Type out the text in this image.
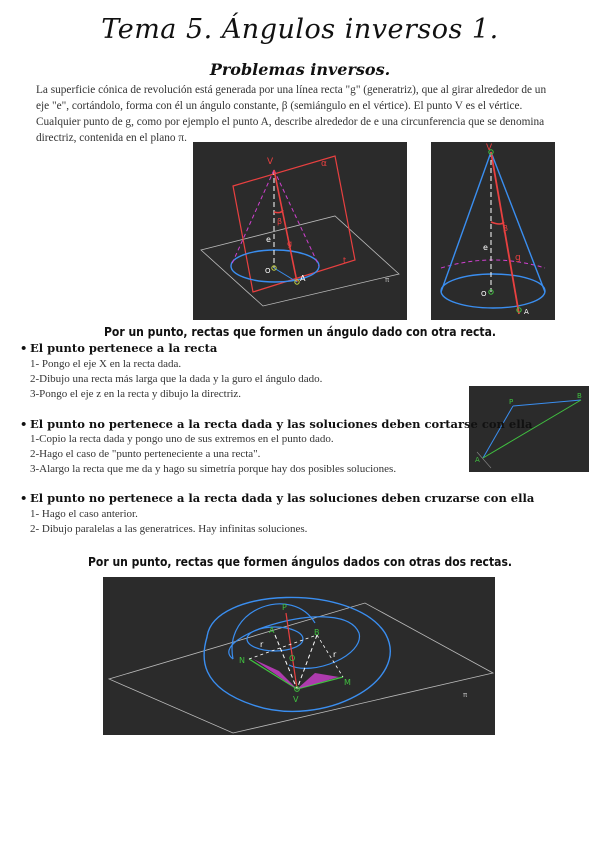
Tema 5. Ángulos inversos 1.
Problemas inversos.
La superficie cónica de revolución está generada por una línea recta "g" (generatriz), que al girar alrededor de un
eje "e", cortándolo, forma con él un ángulo constante, β (semiángulo en el vértice). El punto V es el vértice.
Cualquier punto de g, como por ejemplo el punto A, describe alrededor de e una circunferencia que se denomina
directriz, contenida en el plano π.
π
V	α
β
e g
O
A
t
V
β
e
g
O
A
Por un punto, rectas que formen un ángulo dado con otra recta.
• El punto pertenece a la recta
1- Pongo el eje X en la recta dada.
2-Dibujo una recta más larga que la dada y la guro el ángulo dado.
3-Pongo el eje z en la recta y dibujo la directriz.
P
B
A
• El punto no pertenece a la recta dada y las soluciones deben cortarse con ella
1-Copio la recta dada y pongo uno de sus extremos en el punto dado.
2-Hago el caso de "punto perteneciente a una recta".
3-Alargo la recta que me da y hago su simetría porque hay dos posibles soluciones.
• El punto no pertenece a la recta dada y las soluciones deben cruzarse con ella
1- Hago el caso anterior.
2- Dibujo paralelas a las generatrices. Hay infinitas soluciones.
Por un punto, rectas que formen ángulos dados con otras dos rectas.
π
P
A	B
r
r
N
M
V
O
